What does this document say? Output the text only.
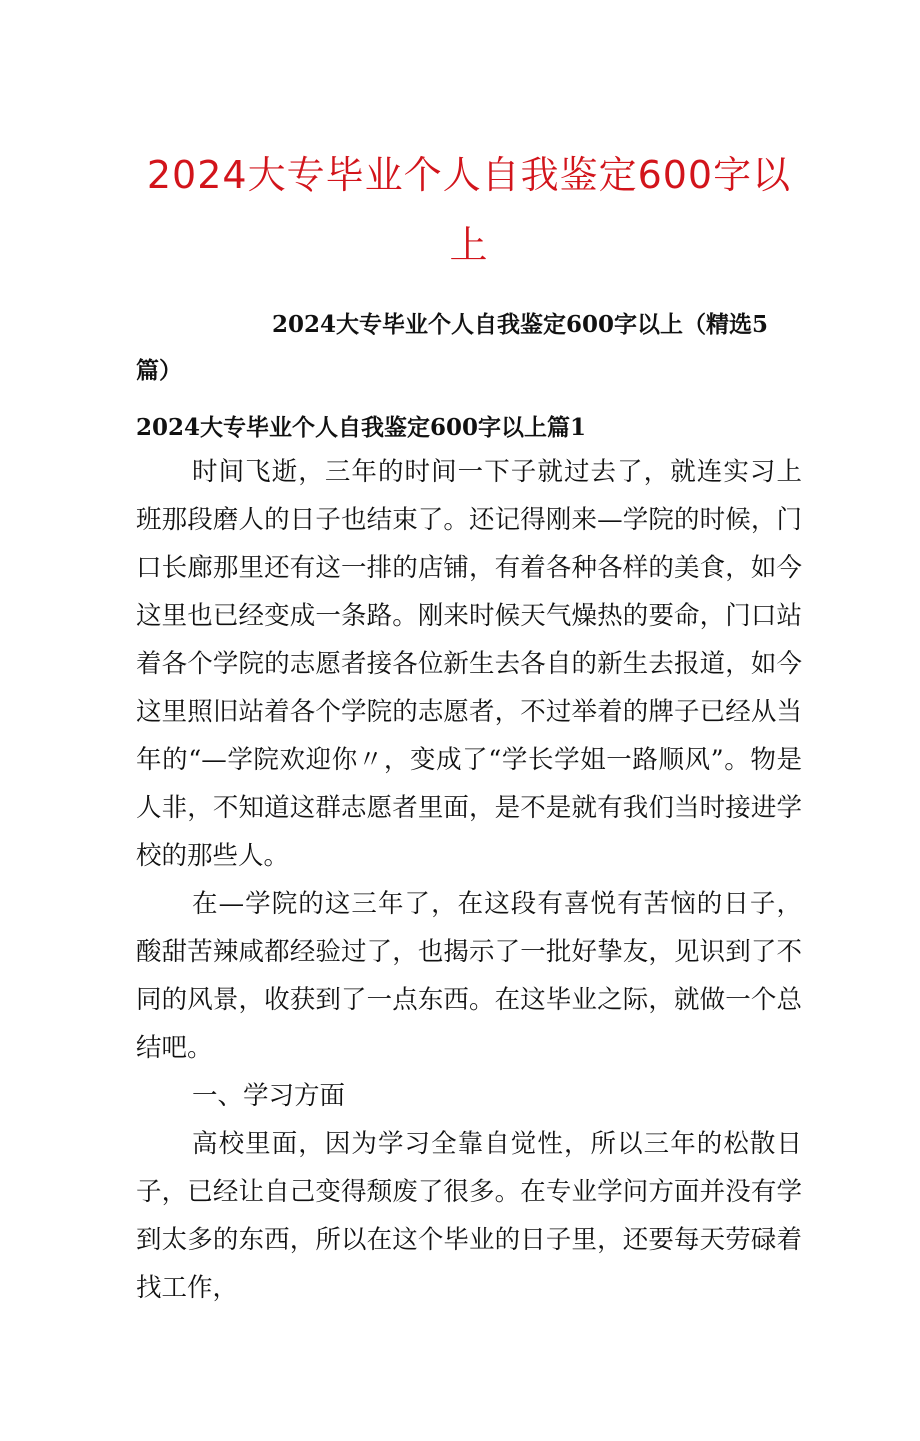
2024大专毕业个人自我鉴定600字以上

2024大专毕业个人自我鉴定600字以上（精选5篇）

2024大专毕业个人自我鉴定600字以上篇1

时间飞逝，三年的时间一下子就过去了，就连实习上班那段磨人的日子也结束了。还记得刚来—学院的时候，门口长廊那里还有这一排的店铺，有着各种各样的美食，如今这里也已经变成一条路。刚来时候天气燥热的要命，门口站着各个学院的志愿者接各位新生去各自的新生去报道，如今这里照旧站着各个学院的志愿者，不过举着的牌子已经从当年的“—学院欢迎你〃，变成了“学长学姐一路顺风”。物是人非，不知道这群志愿者里面，是不是就有我们当时接进学校的那些人。

在—学院的这三年了，在这段有喜悦有苦恼的日子，酸甜苦辣咸都经验过了，也揭示了一批好挚友，见识到了不同的风景，收获到了一点东西。在这毕业之际，就做一个总结吧。

一、学习方面

高校里面，因为学习全靠自觉性，所以三年的松散日子，已经让自己变得颓废了很多。在专业学问方面并没有学到太多的东西，所以在这个毕业的日子里，还要每天劳碌着找工作，
